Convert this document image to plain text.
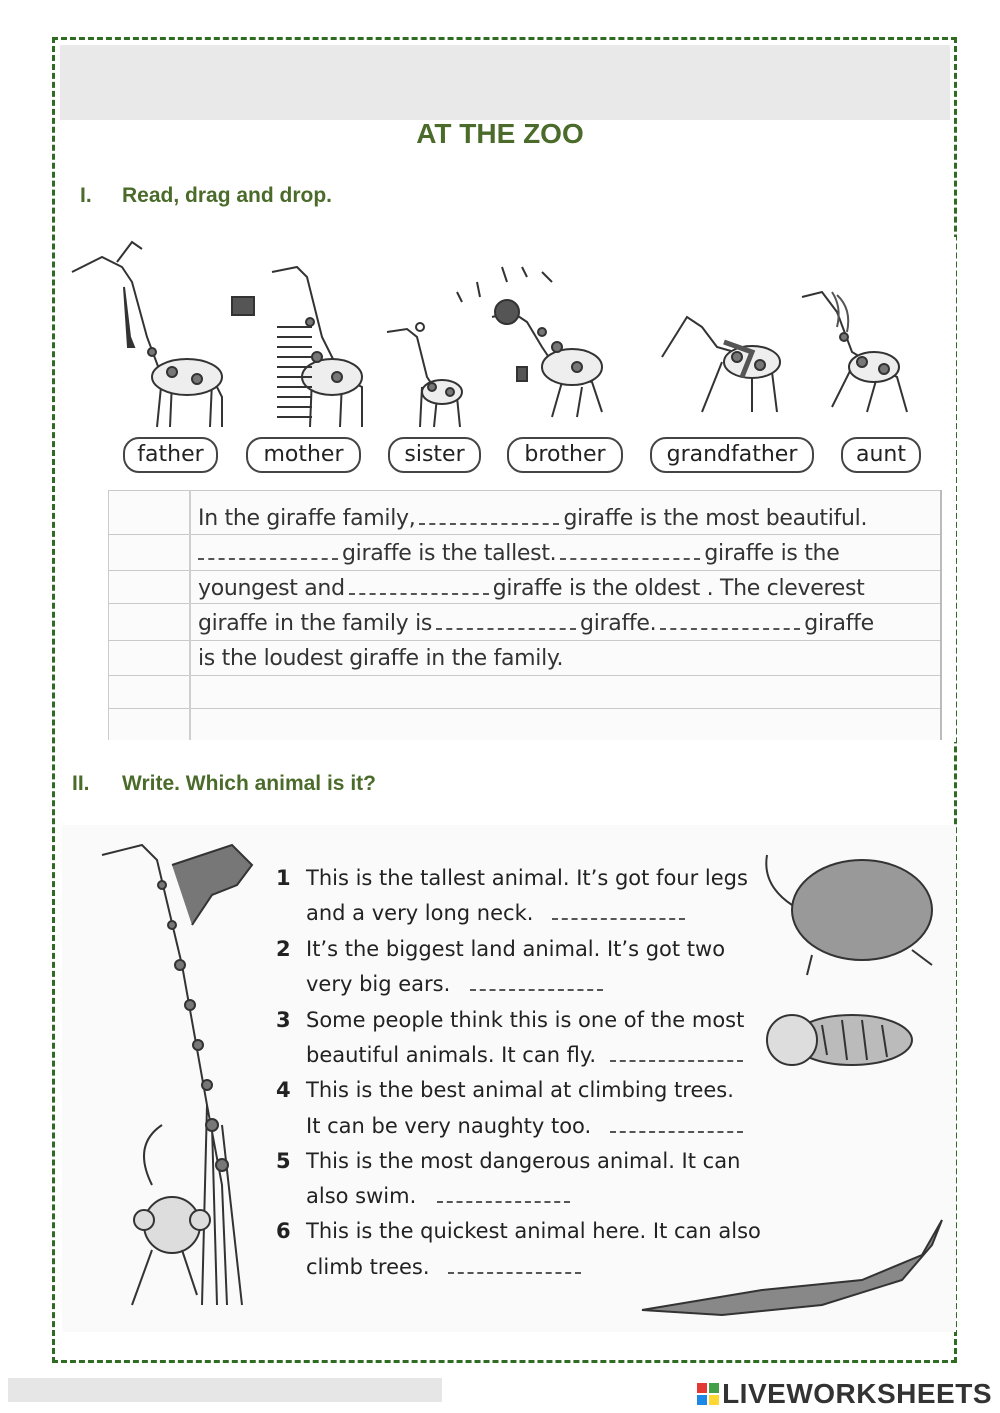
AT THE ZOO
I. Read, drag and drop.
father	mother	sister	brother	grandfather	aunt
In the giraffe family,	giraffe is the most beautiful.
giraffe is the tallest.	giraffe is the
youngest and	giraffe is the oldest . The cleverest
giraffe in the family is	giraffe.	giraffe
is the loudest giraffe in the family.
II. Write. Which animal is it?
1 This is the tallest animal. It’s got four legs
and a very long neck.
2 It’s the biggest land animal. It’s got two
very big ears.
3 Some people think this is one of the most
beautiful animals. It can fly.
4 This is the best animal at climbing trees.
It can be very naughty too.
5 This is the most dangerous animal. It can
also swim.
6 This is the quickest animal here. It can also
climb trees.
LIVEWORKSHEETS
